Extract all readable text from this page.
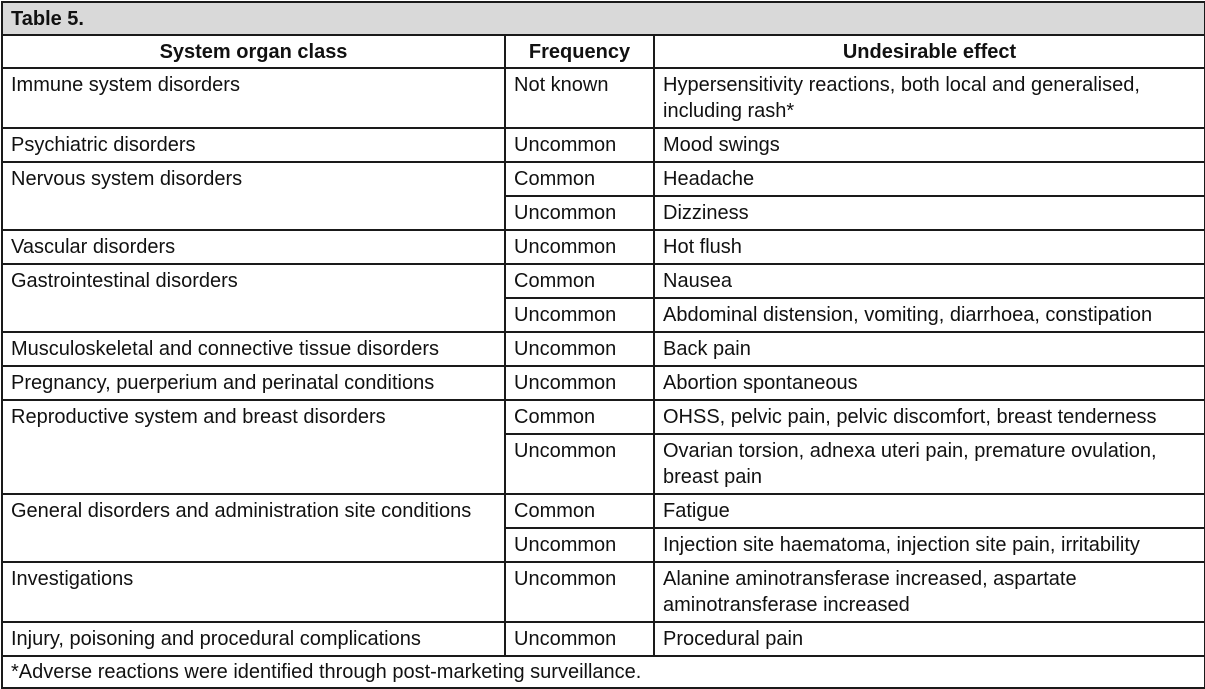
Table 5.		
System organ class	Frequency	Undesirable effect
Immune system disorders	Not known	Hypersensitivity reactions, both local and generalised, including rash*
Psychiatric disorders	Uncommon	Mood swings
Nervous system disorders	Common	Headache
	Uncommon	Dizziness
Vascular disorders	Uncommon	Hot flush
Gastrointestinal disorders	Common	Nausea
	Uncommon	Abdominal distension, vomiting, diarrhoea, constipation
Musculoskeletal and connective tissue disorders	Uncommon	Back pain
Pregnancy, puerperium and perinatal conditions	Uncommon	Abortion spontaneous
Reproductive system and breast disorders	Common	OHSS, pelvic pain, pelvic discomfort, breast tenderness
	Uncommon	Ovarian torsion, adnexa uteri pain, premature ovulation, breast pain
General disorders and administration site conditions	Common	Fatigue
	Uncommon	Injection site haematoma, injection site pain, irritability
Investigations	Uncommon	Alanine aminotransferase increased, aspartate aminotransferase increased
Injury, poisoning and procedural complications	Uncommon	Procedural pain
*Adverse reactions were identified through post-marketing surveillance.		
